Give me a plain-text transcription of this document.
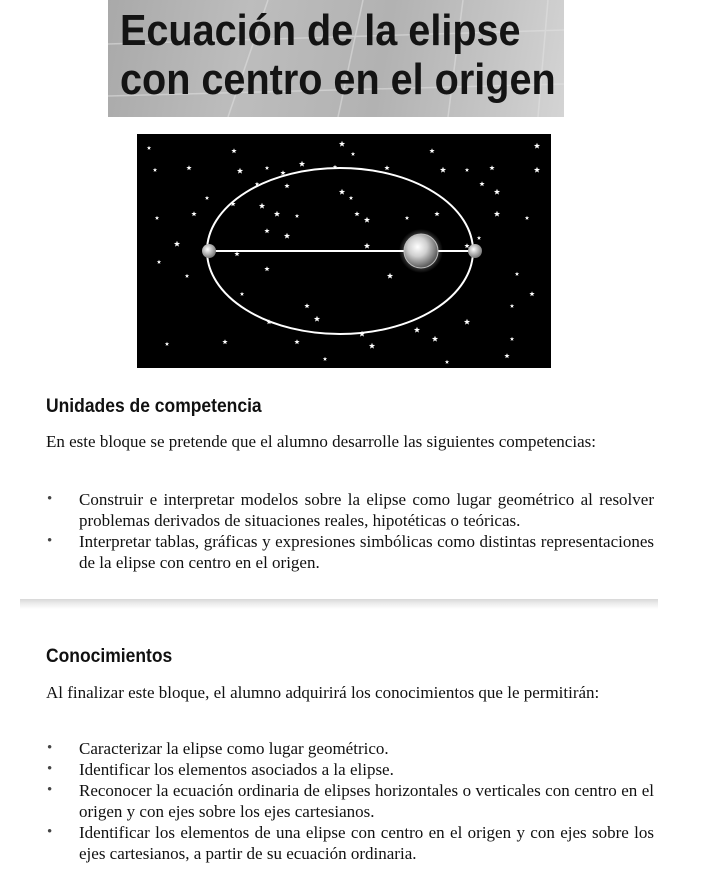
Ecuación de la elipse
con centro en el origen
Unidades de competencia

En este bloque se pretende que el alumno desarrolle las siguientes competencias:

• Construir e interpretar modelos sobre la elipse como lugar geométrico al resolver problemas derivados de situaciones reales, hipotéticas o teóricas.
• Interpretar tablas, gráficas y expresiones simbólicas como distintas representaciones de la elipse con centro en el origen.
Conocimientos

Al finalizar este bloque, el alumno adquirirá los conocimientos que le permitirán:

• Caracterizar la elipse como lugar geométrico.
• Identificar los elementos asociados a la elipse.
• Reconocer la ecuación ordinaria de elipses horizontales o verticales con centro en el origen y con ejes sobre los ejes cartesianos.
• Identificar los elementos de una elipse con centro en el origen y con ejes sobre los ejes cartesianos, a partir de su ecuación ordinaria.
